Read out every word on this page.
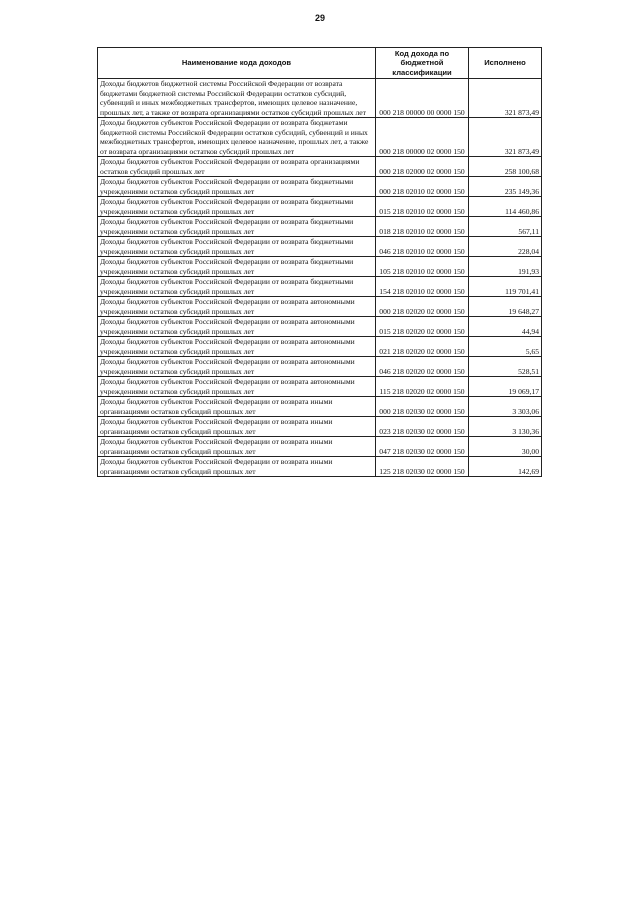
29
Наименование кода доходов	Код дохода по бюджетной классификации	Исполнено
Доходы бюджетов бюджетной системы Российской Федерации от возврата бюджетами бюджетной системы Российской Федерации остатков субсидий, субвенций и иных межбюджетных трансфертов, имеющих целевое назначение, прошлых лет, а также от возврата организациями остатков субсидий прошлых лет	000 218 00000 00 0000 150	321 873,49
Доходы бюджетов субъектов Российской Федерации от возврата бюджетами бюджетной системы Российской Федерации остатков субсидий, субвенций и иных межбюджетных трансфертов, имеющих целевое назначение, прошлых лет, а также от возврата организациями остатков субсидий прошлых лет	000 218 00000 02 0000 150	321 873,49
Доходы бюджетов субъектов Российской Федерации от возврата организациями остатков субсидий прошлых лет	000 218 02000 02 0000 150	258 100,68
Доходы бюджетов субъектов Российской Федерации от возврата бюджетными учреждениями остатков субсидий прошлых лет	000 218 02010 02 0000 150	235 149,36
Доходы бюджетов субъектов Российской Федерации от возврата бюджетными учреждениями остатков субсидий прошлых лет	015 218 02010 02 0000 150	114 460,86
Доходы бюджетов субъектов Российской Федерации от возврата бюджетными учреждениями остатков субсидий прошлых лет	018 218 02010 02 0000 150	567,11
Доходы бюджетов субъектов Российской Федерации от возврата бюджетными учреждениями остатков субсидий прошлых лет	046 218 02010 02 0000 150	228,04
Доходы бюджетов субъектов Российской Федерации от возврата бюджетными учреждениями остатков субсидий прошлых лет	105 218 02010 02 0000 150	191,93
Доходы бюджетов субъектов Российской Федерации от возврата бюджетными учреждениями остатков субсидий прошлых лет	154 218 02010 02 0000 150	119 701,41
Доходы бюджетов субъектов Российской Федерации от возврата автономными учреждениями остатков субсидий прошлых лет	000 218 02020 02 0000 150	19 648,27
Доходы бюджетов субъектов Российской Федерации от возврата автономными учреждениями остатков субсидий прошлых лет	015 218 02020 02 0000 150	44,94
Доходы бюджетов субъектов Российской Федерации от возврата автономными учреждениями остатков субсидий прошлых лет	021 218 02020 02 0000 150	5,65
Доходы бюджетов субъектов Российской Федерации от возврата автономными учреждениями остатков субсидий прошлых лет	046 218 02020 02 0000 150	528,51
Доходы бюджетов субъектов Российской Федерации от возврата автономными учреждениями остатков субсидий прошлых лет	115 218 02020 02 0000 150	19 069,17
Доходы бюджетов субъектов Российской Федерации от возврата иными организациями остатков субсидий прошлых лет	000 218 02030 02 0000 150	3 303,06
Доходы бюджетов субъектов Российской Федерации от возврата иными организациями остатков субсидий прошлых лет	023 218 02030 02 0000 150	3 130,36
Доходы бюджетов субъектов Российской Федерации от возврата иными организациями остатков субсидий прошлых лет	047 218 02030 02 0000 150	30,00
Доходы бюджетов субъектов Российской Федерации от возврата иными организациями остатков субсидий прошлых лет	125 218 02030 02 0000 150	142,69
